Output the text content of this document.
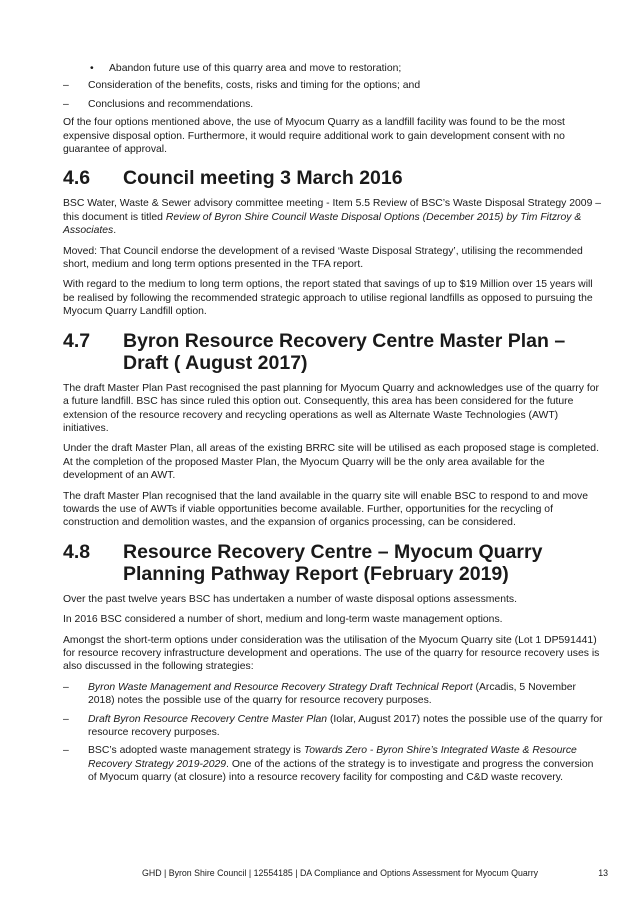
• Abandon future use of this quarry area and move to restoration;
– Consideration of the benefits, costs, risks and timing for the options; and
– Conclusions and recommendations.

Of the four options mentioned above, the use of Myocum Quarry as a landfill facility was found to be the most expensive disposal option. Furthermore, it would require additional work to gain development consent with no guarantee of approval.

4.6	Council meeting 3 March 2016

BSC Water, Waste & Sewer advisory committee meeting - Item 5.5 Review of BSC’s Waste Disposal Strategy 2009 – this document is titled Review of Byron Shire Council Waste Disposal Options (December 2015) by Tim Fitzroy & Associates.

Moved: That Council endorse the development of a revised ‘Waste Disposal Strategy’, utilising the recommended short, medium and long term options presented in the TFA report.

With regard to the medium to long term options, the report stated that savings of up to $19 Million over 15 years will be realised by following the recommended strategic approach to utilise regional landfills as opposed to pursuing the Myocum Quarry Landfill option.

4.7	Byron Resource Recovery Centre Master Plan – Draft ( August 2017)

The draft Master Plan Past recognised the past planning for Myocum Quarry and acknowledges use of the quarry for a future landfill. BSC has since ruled this option out. Consequently, this area has been considered for the future extension of the resource recovery and recycling operations as well as Alternate Waste Technologies (AWT) initiatives.

Under the draft Master Plan, all areas of the existing BRRC site will be utilised as each proposed stage is completed. At the completion of the proposed Master Plan, the Myocum Quarry will be the only area available for the development of an AWT.

The draft Master Plan recognised that the land available in the quarry site will enable BSC to respond to and move towards the use of AWTs if viable opportunities become available. Further, opportunities for the recycling of construction and demolition wastes, and the expansion of organics processing, can be considered.

4.8	Resource Recovery Centre – Myocum Quarry Planning Pathway Report (February 2019)

Over the past twelve years BSC has undertaken a number of waste disposal options assessments.

In 2016 BSC considered a number of short, medium and long-term waste management options.

Amongst the short-term options under consideration was the utilisation of the Myocum Quarry site (Lot 1 DP591441) for resource recovery infrastructure development and operations. The use of the quarry for resource recovery uses is also discussed in the following strategies:

– Byron Waste Management and Resource Recovery Strategy Draft Technical Report (Arcadis, 5 November 2018) notes the possible use of the quarry for resource recovery purposes.
– Draft Byron Resource Recovery Centre Master Plan (Iolar, August 2017) notes the possible use of the quarry for resource recovery purposes.
– BSC’s adopted waste management strategy is Towards Zero - Byron Shire’s Integrated Waste & Resource Recovery Strategy 2019-2029. One of the actions of the strategy is to investigate and progress the conversion of Myocum quarry (at closure) into a resource recovery facility for composting and C&D waste recovery.
GHD | Byron Shire Council | 12554185 | DA Compliance and Options Assessment for Myocum Quarry	13
